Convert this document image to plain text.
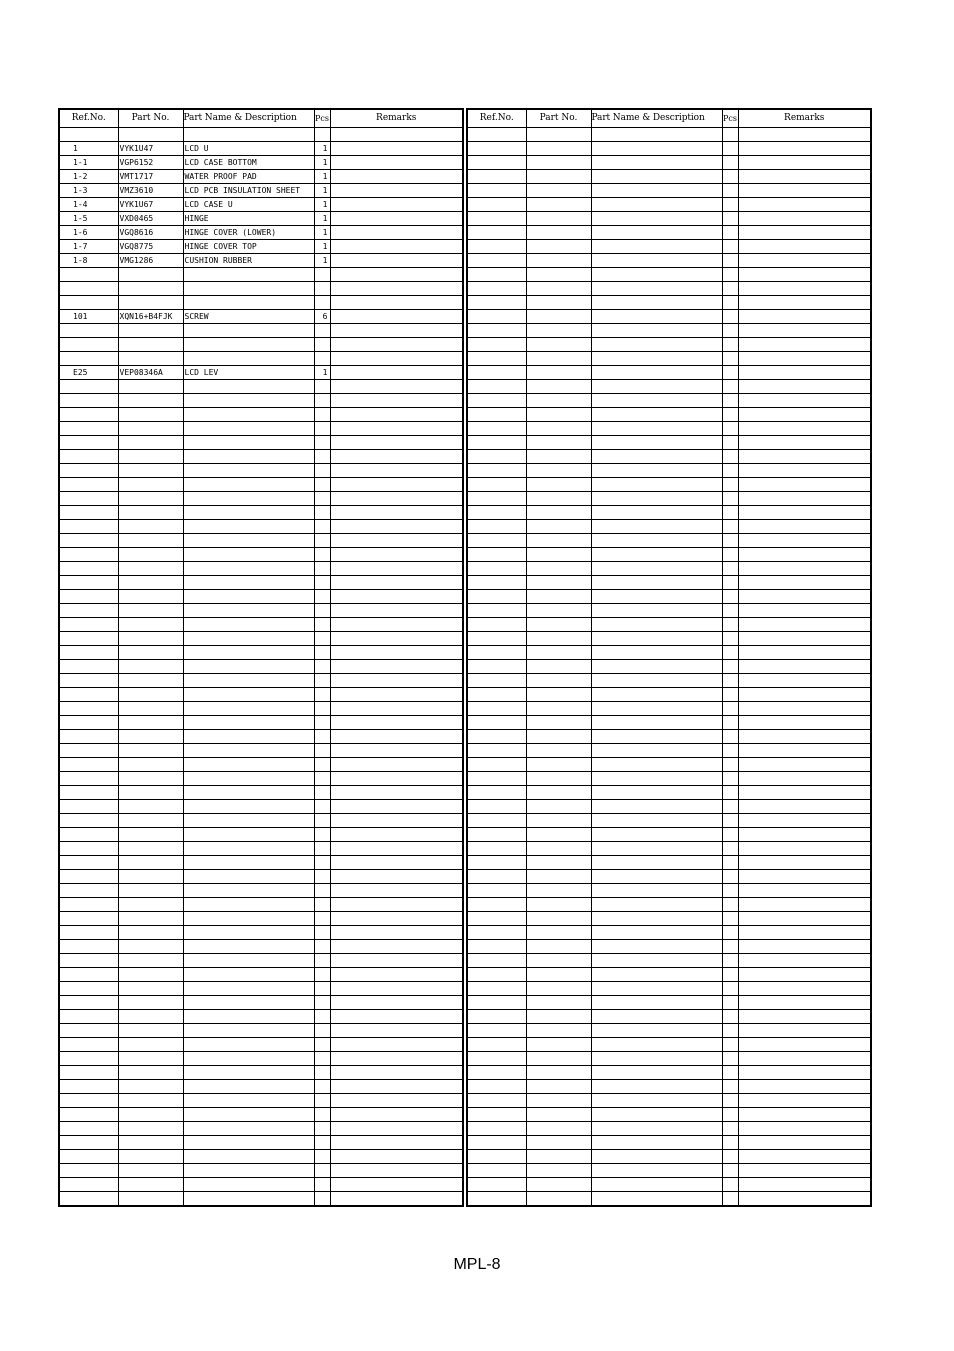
Ref.No.	Part No.	Part Name & Description	Pcs	Remarks

1	VYK1U47	LCD U	1	
1-1	VGP6152	LCD CASE BOTTOM	1	
1-2	VMT1717	WATER PROOF PAD	1	
1-3	VMZ3610	LCD PCB INSULATION SHEET	1	
1-4	VYK1U67	LCD CASE U	1	
1-5	VXD0465	HINGE	1	
1-6	VGQ8616	HINGE COVER (LOWER)	1	
1-7	VGQ8775	HINGE COVER TOP	1	
1-8	VMG1286	CUSHION RUBBER	1	

101	XQN16+B4FJK	SCREW	6	

E25	VEP08346A	LCD LEV	1	

Ref.No.	Part No.	Part Name & Description	Pcs	Remarks

MPL-8
